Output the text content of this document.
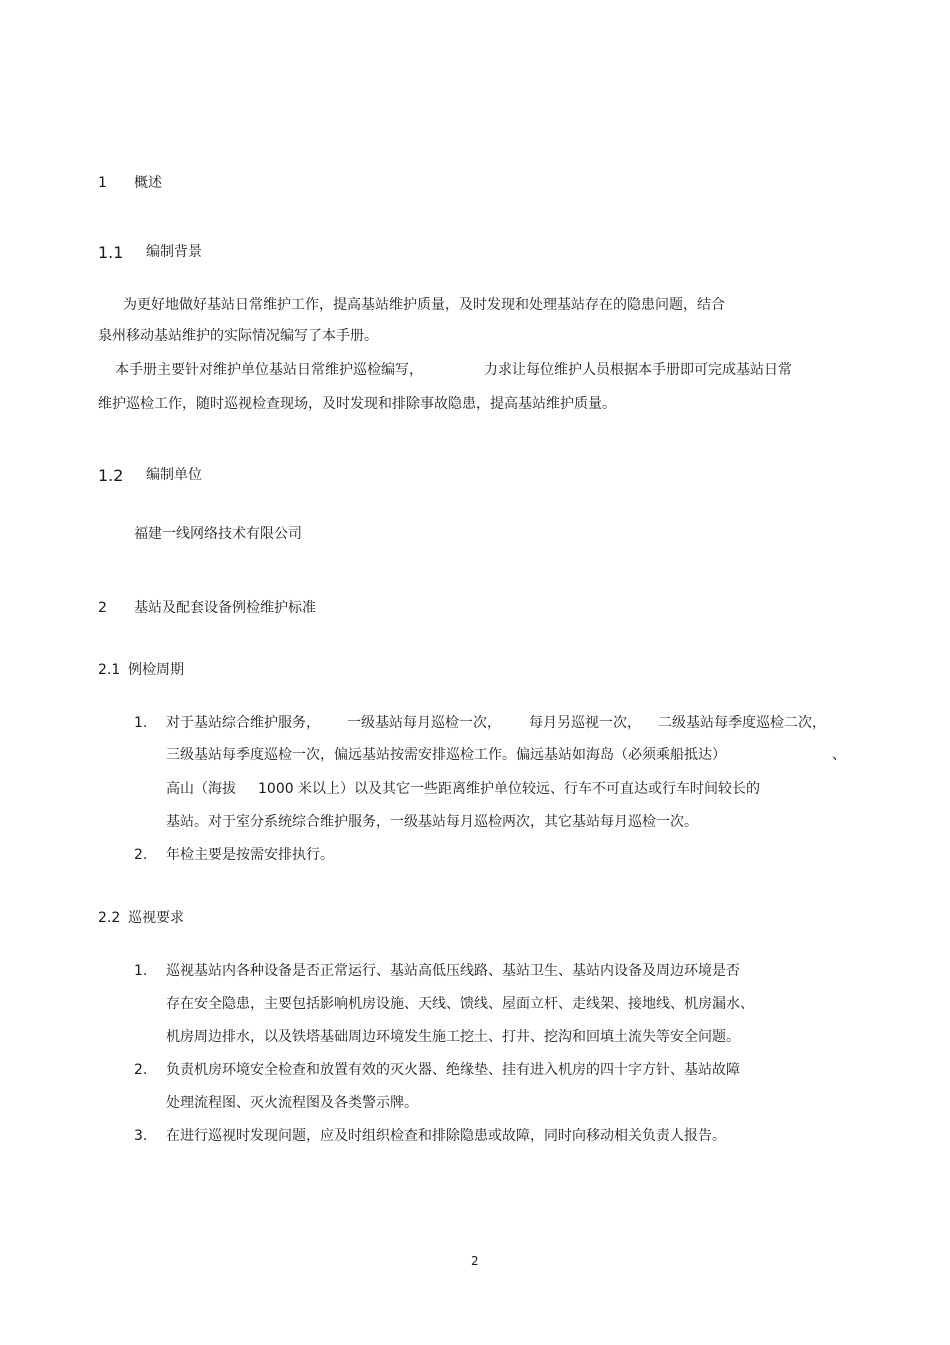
1 概述
1.1 编制背景
为更好地做好基站日常维护工作，提高基站维护质量，及时发现和处理基站存在的隐患问题，结合
泉州移动基站维护的实际情况编写了本手册。
本手册主要针对维护单位基站日常维护巡检编写，	力求让每位维护人员根据本手册即可完成基站日常
维护巡检工作，随时巡视检查现场，及时发现和排除事故隐患，提高基站维护质量。
1.2 编制单位
福建一线网络技术有限公司
2 基站及配套设备例检维护标准
2.1 例检周期
1. 对于基站综合维护服务， 一级基站每月巡检一次， 每月另巡视一次， 二级基站每季度巡检二次，
三级基站每季度巡检一次，偏远基站按需安排巡检工作。偏远基站如海岛（必须乘船抵达）	、
高山（海拔 1000 米以上）以及其它一些距离维护单位较远、行车不可直达或行车时间较长的
基站。对于室分系统综合维护服务，一级基站每月巡检两次，其它基站每月巡检一次。
2. 年检主要是按需安排执行。
2.2 巡视要求
1. 巡视基站内各种设备是否正常运行、基站高低压线路、基站卫生、基站内设备及周边环境是否
存在安全隐患，主要包括影响机房设施、天线、馈线、屋面立杆、走线架、接地线、机房漏水、
机房周边排水，以及铁塔基础周边环境发生施工挖土、打井、挖沟和回填土流失等安全问题。
2. 负责机房环境安全检查和放置有效的灭火器、绝缘垫、挂有进入机房的四十字方针、基站故障
处理流程图、灭火流程图及各类警示牌。
3. 在进行巡视时发现问题，应及时组织检查和排除隐患或故障，同时向移动相关负责人报告。
2
